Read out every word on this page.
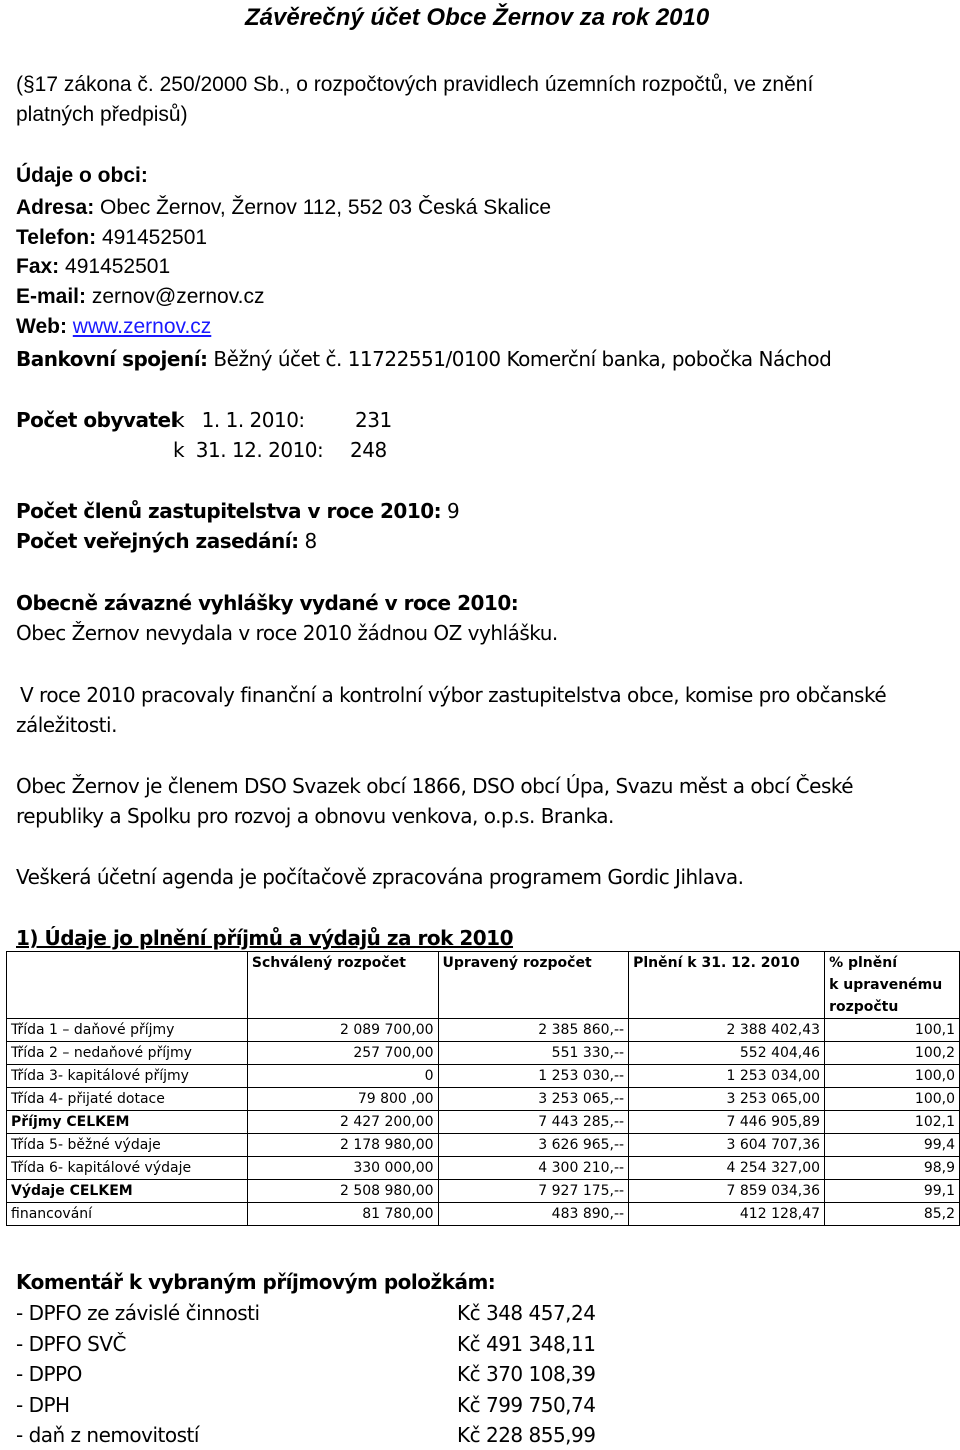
Závěrečný účet Obce Žernov za rok 2010
(§17 zákona č. 250/2000 Sb., o rozpočtových pravidlech územních rozpočtů, ve znění
platných předpisů)
Údaje o obci:
Adresa: Obec Žernov, Žernov 112, 552 03 Česká Skalice
Telefon: 491452501
Fax: 491452501
E-mail: zernov@zernov.cz
Web: www.zernov.cz
Bankovní spojení: Běžný účet č. 11722551/0100 Komerční banka, pobočka Náchod
Počet obyvatel
k   1. 1. 2010:	231
k  31. 12. 2010: 248
Počet členů zastupitelstva v roce 2010: 9
Počet veřejných zasedání: 8
Obecně závazné vyhlášky vydané v roce 2010:
Obec Žernov nevydala v roce 2010 žádnou OZ vyhlášku.
V roce 2010 pracovaly finanční a kontrolní výbor zastupitelstva obce, komise pro občanské
záležitosti.
Obec Žernov je členem DSO Svazek obcí 1866, DSO obcí Úpa, Svazu měst a obcí České
republiky a Spolku pro rozvoj a obnovu venkova, o.p.s. Branka.
Veškerá účetní agenda je počítačově zpracována programem Gordic Jihlava.
1) Údaje jo plnění příjmů a výdajů za rok 2010
	Schválený rozpočet	Upravený rozpočet	Plnění k 31. 12. 2010	% plnění
k upravenému
rozpočtu

Třída 1 – daňové příjmy	2 089 700,00	2 385 860,--	2 388 402,43	100,1
Třída 2 – nedaňové příjmy	257 700,00	551 330,--	552 404,46	100,2
Třída 3- kapitálové příjmy	0	1 253 030,--	1 253 034,00	100,0
Třída 4- přijaté dotace	79 800 ,00	3 253 065,--	3 253 065,00	100,0
Příjmy CELKEM	2 427 200,00	7 443 285,--	7 446 905,89	102,1
Třída 5- běžné výdaje	2 178 980,00	3 626 965,--	3 604 707,36	99,4
Třída 6- kapitálové výdaje	330 000,00	4 300 210,--	4 254 327,00	98,9
Výdaje CELKEM	2 508 980,00	7 927 175,--	7 859 034,36	99,1
financování	81 780,00	483 890,--	412 128,47	85,2
Komentář k vybraným příjmovým položkám:
- DPFO ze závislé činnosti	Kč 348 457,24
- DPFO SVČ	Kč 491 348,11
- DPPO	Kč 370 108,39
- DPH	Kč 799 750,74
- daň z nemovitostí	Kč 228 855,99
